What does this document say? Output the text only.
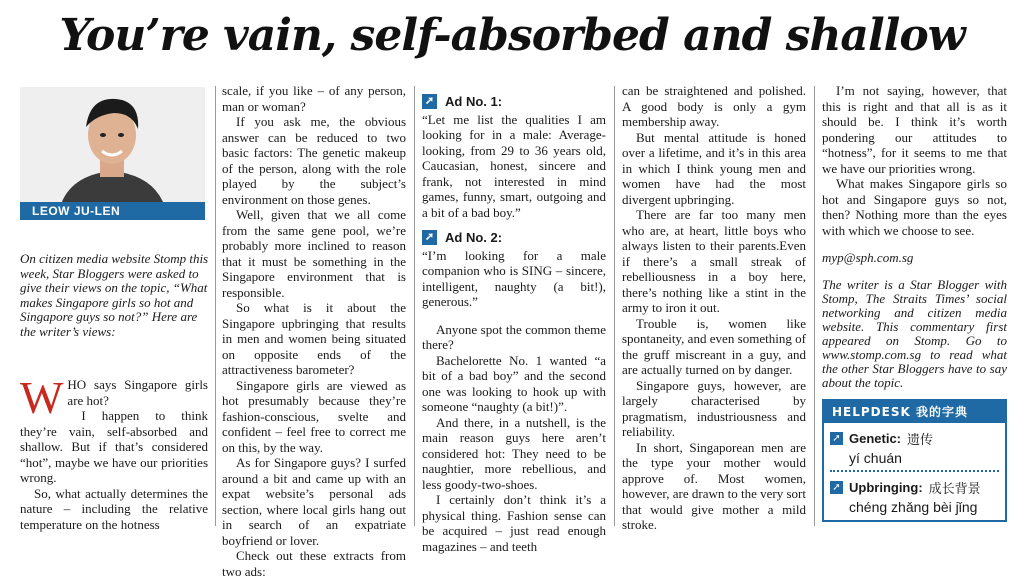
You’re vain, self-absorbed and shallow
LEOW JU-LEN
On citizen media website Stomp this week, Star Bloggers were asked to give their views on the topic, “What makes Singapore girls so hot and Singapore guys so not?” Here are the writer’s views:

WHO says Singapore girls are hot?

I happen to think they’re vain, self-absorbed and shallow. But if that’s considered “hot”, maybe we have our priorities wrong.

So, what actually determines the nature – including the relative temperature on the hotness

scale, if you like – of any person, man or woman?

If you ask me, the obvious answer can be reduced to two basic factors: The genetic makeup of the person, along with the role played by the subject’s environment on those genes.

Well, given that we all come from the same gene pool, we’re probably more inclined to reason that it must be something in the Singapore environment that is responsible.

So what is it about the Singapore upbringing that results in men and women being situated on opposite ends of the attractiveness barometer?

Singapore girls are viewed as hot presumably because they’re fashion-conscious, svelte and confident – feel free to correct me on this, by the way.

As for Singapore guys? I surfed around a bit and came up with an expat website’s personal ads section, where local girls hang out in search of an expatriate boyfriend or lover.

Check out these extracts from two ads:

➚ Ad No. 1:

“Let me list the qualities I am looking for in a male: Average-looking, from 29 to 36 years old, Caucasian, honest, sincere and frank, not interested in mind games, funny, smart, outgoing and a bit of a bad boy.”

➚ Ad No. 2:

“I’m looking for a male companion who is SING – sincere, intelligent, naughty (a bit!), generous.”

Anyone spot the common theme there?

Bachelorette No. 1 wanted “a bit of a bad boy” and the second one was looking to hook up with someone “naughty (a bit!)”.

And there, in a nutshell, is the main reason guys here aren’t considered hot: They need to be naughtier, more rebellious, and less goody-two-shoes.

I certainly don’t think it’s a physical thing. Fashion sense can be acquired – just read enough magazines – and teeth

can be straightened and polished. A good body is only a gym membership away.

But mental attitude is honed over a lifetime, and it’s in this area in which I think young men and women have had the most divergent upbringing.

There are far too many men who are, at heart, little boys who always listen to their parents.Even if there’s a small streak of rebelliousness in a boy here, there’s nothing like a stint in the army to iron it out.

Trouble is, women like spontaneity, and even something of the gruff miscreant in a guy, and are actually turned on by danger.

Singapore guys, however, are largely characterised by pragmatism, industriousness and reliability.

In short, Singaporean men are the type your mother would approve of. Most women, however, are drawn to the very sort that would give mother a mild stroke.

I’m not saying, however, that this is right and that all is as it should be. I think it’s worth pondering our attitudes to “hotness”, for it seems to me that we have our priorities wrong.

What makes Singapore girls so hot and Singapore guys so not, then? Nothing more than the eyes with which we choose to see.

myp@sph.com.sg

The writer is a Star Blogger with Stomp, The Straits Times’ social networking and citizen media website. This commentary first appeared on Stomp. Go to www.stomp.com.sg to read what the other Star Bloggers have to say about the topic.

HELPDESK 我的字典
➚ Genetic: 遗传
yí chuán
➚ Upbringing: 成长背景
chéng zhǎng bèi jǐng
